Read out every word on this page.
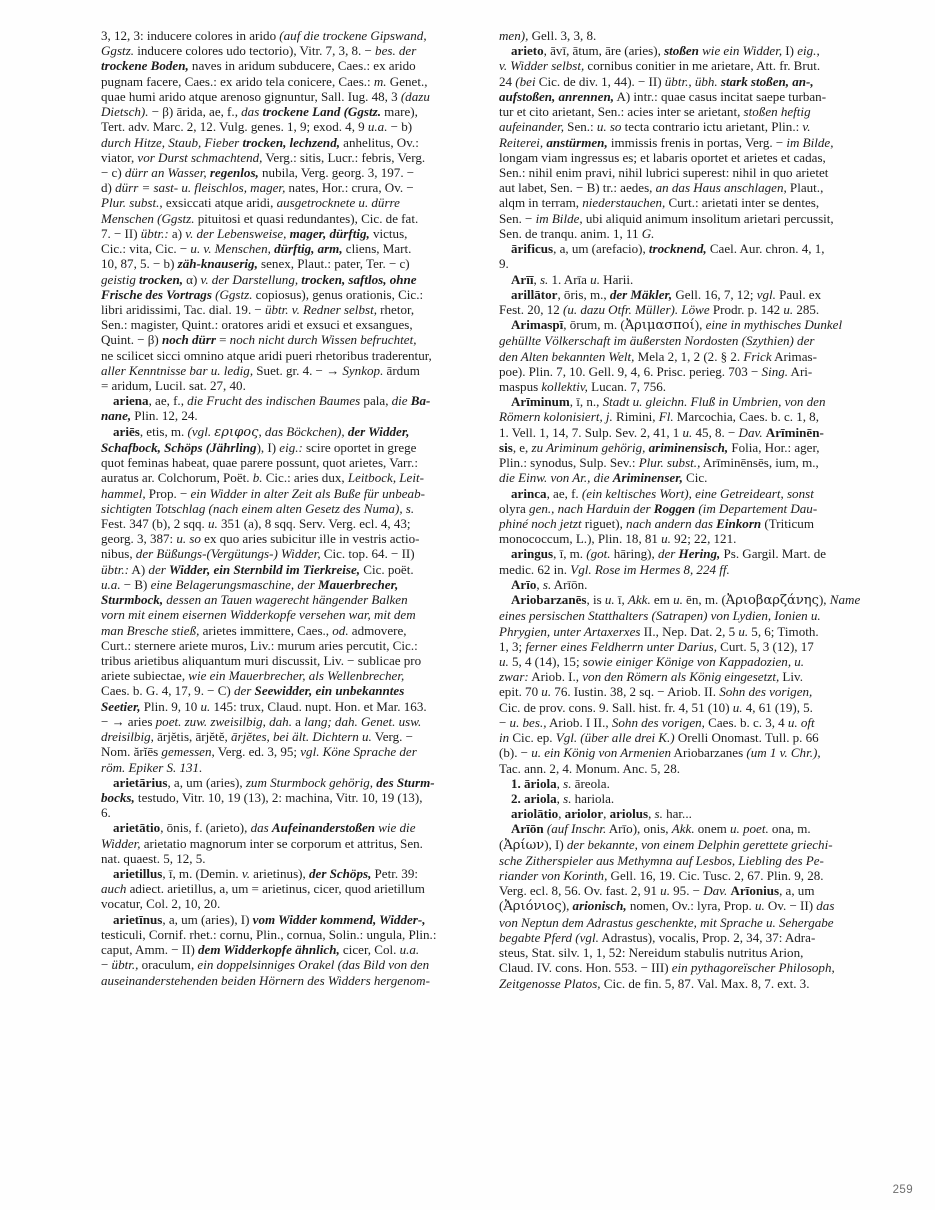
3, 12, 3: inducere colores in arido (auf die trockene Gipswand,
Ggstz. inducere colores udo tectorio), Vitr. 7, 3, 8. − bes. der
trockene Boden, naves in aridum subducere, Caes.: ex arido
pugnam facere, Caes.: ex arido tela conicere, Caes.: m. Genet.,
quae humi arido atque arenoso gignuntur, Sall. Iug. 48, 3 (dazu
Dietsch). − β) ārida, ae, f., das trockene Land (Ggstz. mare),
Tert. adv. Marc. 2, 12. Vulg. genes. 1, 9; exod. 4, 9 u.a. − b)
durch Hitze, Staub, Fieber trocken, lechzend, anhelitus, Ov.:
viator, vor Durst schmachtend, Verg.: sitis, Lucr.: febris, Verg.
− c) dürr an Wasser, regenlos, nubila, Verg. georg. 3, 197. −
d) dürr = sast- u. fleischlos, mager, nates, Hor.: crura, Ov. −
Plur. subst., exsiccati atque aridi, ausgetrocknete u. dürre
Menschen (Ggstz. pituitosi et quasi redundantes), Cic. de fat.
7. − II) übtr.: a) v. der Lebensweise, mager, dürftig, victus,
Cic.: vita, Cic. − u. v. Menschen, dürftig, arm, cliens, Mart.
10, 87, 5. − b) zäh-knauserig, senex, Plaut.: pater, Ter. − c)
geistig trocken, α) v. der Darstellung, trocken, saftlos, ohne
Frische des Vortrags (Ggstz. copiosus), genus orationis, Cic.:
libri aridissimi, Tac. dial. 19. − übtr. v. Redner selbst, rhetor,
Sen.: magister, Quint.: oratores aridi et exsuci et exsangues,
Quint. − β) noch dürr = noch nicht durch Wissen befruchtet,
ne scilicet sicci omnino atque aridi pueri rhetoribus traderentur,
aller Kenntnisse bar u. ledig, Suet. gr. 4. − → Synkop. ārdum
= aridum, Lucil. sat. 27, 40.

ariena, ae, f., die Frucht des indischen Baumes pala, die Ba-
nane, Plin. 12, 24.

ariēs, etis, m. (vgl. εριφος, das Böckchen), der Widder,
Schafbock, Schöps (Jährling), I) eig.: scire oportet in grege
quot feminas habeat, quae parere possunt, quot arietes, Varr.:
auratus ar. Colchorum, Poët. b. Cic.: aries dux, Leitbock, Leit-
hammel, Prop. − ein Widder in alter Zeit als Buße für unbeab-
sichtigten Totschlag (nach einem alten Gesetz des Numa), s.
Fest. 347 (b), 2 sqq. u. 351 (a), 8 sqq. Serv. Verg. ecl. 4, 43;
georg. 3, 387: u. so ex quo aries subicitur ille in vestris actio-
nibus, der Büßungs-(Vergütungs-) Widder, Cic. top. 64. − II)
übtr.: A) der Widder, ein Sternbild im Tierkreise, Cic. poët.
u.a. − B) eine Belagerungsmaschine, der Mauerbrecher,
Sturmbock, dessen an Tauen wagerecht hängender Balken
vorn mit einem eisernen Widderkopfe versehen war, mit dem
man Bresche stieß, arietes immittere, Caes., od. admovere,
Curt.: sternere ariete muros, Liv.: murum aries percutit, Cic.:
tribus arietibus aliquantum muri discussit, Liv. − sublicae pro
ariete subiectae, wie ein Mauerbrecher, als Wellenbrecher,
Caes. b. G. 4, 17, 9. − C) der Seewidder, ein unbekanntes
Seetier, Plin. 9, 10 u. 145: trux, Claud. nupt. Hon. et Mar. 163.
− → aries poet. zuw. zweisilbig, dah. a lang; dah. Genet. usw.
dreisilbig, ārjĕtis, ārjĕtĕ, ārjĕtes, bei ält. Dichtern u. Verg. −
Nom. ărĭēs gemessen, Verg. ed. 3, 95; vgl. Köne Sprache der
röm. Epiker S. 131.

arietārius, a, um (aries), zum Sturmbock gehörig, des Sturm-
bocks, testudo, Vitr. 10, 19 (13), 2: machina, Vitr. 10, 19 (13),
6.

arietātio, ōnis, f. (arieto), das Aufeinanderstoßen wie die
Widder, arietatio magnorum inter se corporum et attritus, Sen.
nat. quaest. 5, 12, 5.

arietillus, ī, m. (Demin. v. arietinus), der Schöps, Petr. 39:
auch adiect. arietillus, a, um = arietinus, cicer, quod arietillum
vocatur, Col. 2, 10, 20.

arietīnus, a, um (aries), I) vom Widder kommend, Widder-,
testiculi, Cornif. rhet.: cornu, Plin., cornua, Solin.: ungula, Plin.:
caput, Amm. − II) dem Widderkopfe ähnlich, cicer, Col. u.a.
− übtr., oraculum, ein doppelsinniges Orakel (das Bild von den
auseinanderstehenden beiden Hörnern des Widders hergenom-

men), Gell. 3, 3, 8.

arieto, āvī, ātum, āre (aries), stoßen wie ein Widder, I) eig.,
v. Widder selbst, cornibus conitier in me arietare, Att. fr. Brut.
24 (bei Cic. de div. 1, 44). − II) übtr., übh. stark stoßen, an-,
aufstoßen, anrennen, A) intr.: quae casus incitat saepe turban-
tur et cito arietant, Sen.: acies inter se arietant, stoßen heftig
aufeinander, Sen.: u. so tecta contrario ictu arietant, Plin.: v.
Reiterei, anstürmen, immissis frenis in portas, Verg. − im Bilde,
longam viam ingressus es; et labaris oportet et arietes et cadas,
Sen.: nihil enim pravi, nihil lubrici superest: nihil in quo arietet
aut labet, Sen. − B) tr.: aedes, an das Haus anschlagen, Plaut.,
alqm in terram, niederstauchen, Curt.: arietati inter se dentes,
Sen. − im Bilde, ubi aliquid animum insolitum arietari percussit,
Sen. de tranqu. anim. 1, 11 G.

ārificus, a, um (arefacio), trocknend, Cael. Aur. chron. 4, 1,
9.

Arīī, s. 1. Arīa u. Harii.

arillātor, ōris, m., der Mäkler, Gell. 16, 7, 12; vgl. Paul. ex
Fest. 20, 12 (u. dazu Otfr. Müller). Löwe Prodr. p. 142 u. 285.

Arimaspī, ōrum, m. (Ἀριμασποί), eine in mythisches Dunkel
gehüllte Völkerschaft im äußersten Nordosten (Szythien) der
den Alten bekannten Welt, Mela 2, 1, 2 (2. § 2. Frick Arimas-
poe). Plin. 7, 10. Gell. 9, 4, 6. Prisc. perieg. 703 − Sing. Ari-
maspus kollektiv, Lucan. 7, 756.

Arīminum, ī, n., Stadt u. gleichn. Fluß in Umbrien, von den
Römern kolonisiert, j. Rimini, Fl. Marcochia, Caes. b. c. 1, 8,
1. Vell. 1, 14, 7. Sulp. Sev. 2, 41, 1 u. 45, 8. − Dav. Arīminēn-
sis, e, zu Ariminum gehörig, ariminensisch, Folia, Hor.: ager,
Plin.: synodus, Sulp. Sev.: Plur. subst., Arīminēnsēs, ium, m.,
die Einw. von Ar., die Ariminenser, Cic.

arinca, ae, f. (ein keltisches Wort), eine Getreideart, sonst
olyra gen., nach Harduin der Roggen (im Departement Dau-
phiné noch jetzt riguet), nach andern das Einkorn (Triticum
monococcum, L.), Plin. 18, 81 u. 92; 22, 121.

aringus, ī, m. (got. hāring), der Hering, Ps. Gargil. Mart. de
medic. 62 in. Vgl. Rose im Hermes 8, 224 ff.

Arīo, s. Arīōn.

Ariobarzanēs, is u. ī, Akk. em u. ēn, m. (Ἀριοβαρζάνης), Name
eines persischen Statthalters (Satrapen) von Lydien, Ionien u.
Phrygien, unter Artaxerxes II., Nep. Dat. 2, 5 u. 5, 6; Timoth.
1, 3; ferner eines Feldherrn unter Darius, Curt. 5, 3 (12), 17
u. 5, 4 (14), 15; sowie einiger Könige von Kappadozien, u.
zwar: Ariob. I., von den Römern als König eingesetzt, Liv.
epit. 70 u. 76. Iustin. 38, 2 sq. − Ariob. II. Sohn des vorigen,
Cic. de prov. cons. 9. Sall. hist. fr. 4, 51 (10) u. 4, 61 (19), 5.
− u. bes., Ariob. I II., Sohn des vorigen, Caes. b. c. 3, 4 u. oft
in Cic. ep. Vgl. (über alle drei K.) Orelli Onomast. Tull. p. 66
(b). − u. ein König von Armenien Ariobarzanes (um 1 v. Chr.),
Tac. ann. 2, 4. Monum. Anc. 5, 28.

1. āriola, s. āreola.

2. ariola, s. hariola.

ariolātio, ariolor, ariolus, s. har...

Arīōn (auf Inschr. Arīo), onis, Akk. onem u. poet. ona, m.
(Ἀρίων), I) der bekannte, von einem Delphin gerettete griechi-
sche Zitherspieler aus Methymna auf Lesbos, Liebling des Pe-
riander von Korinth, Gell. 16, 19. Cic. Tusc. 2, 67. Plin. 9, 28.
Verg. ecl. 8, 56. Ov. fast. 2, 91 u. 95. − Dav. Arīonius, a, um
(Ἀριόνιος), arionisch, nomen, Ov.: lyra, Prop. u. Ov. − II) das
von Neptun dem Adrastus geschenkte, mit Sprache u. Sehergabe
begabte Pferd (vgl. Adrastus), vocalis, Prop. 2, 34, 37: Adra-
steus, Stat. silv. 1, 1, 52: Nereidum stabulis nutritus Arion,
Claud. IV. cons. Hon. 553. − III) ein pythagoreïscher Philosoph,
Zeitgenosse Platos, Cic. de fin. 5, 87. Val. Max. 8, 7. ext. 3.

259
